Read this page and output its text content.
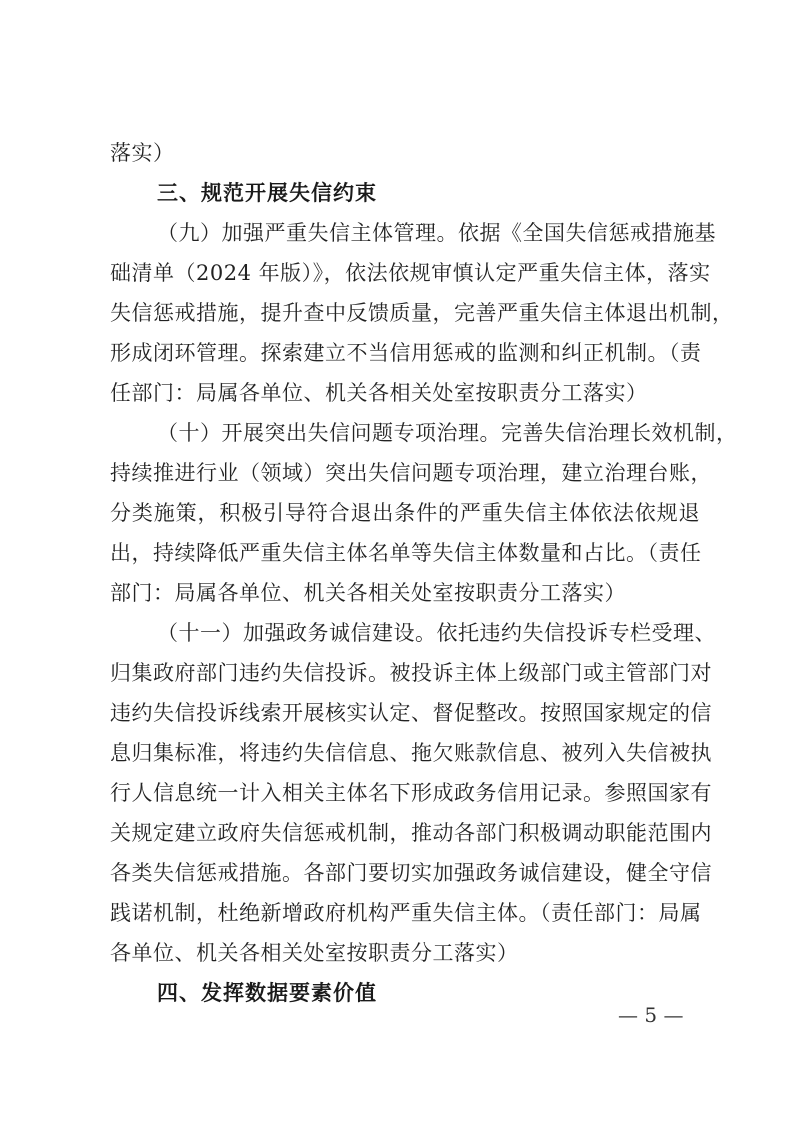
落实）
三、规范开展失信约束
（九）加强严重失信主体管理。依据《全国失信惩戒措施基
础清单（2024 年版）》，依法依规审慎认定严重失信主体，落实
失信惩戒措施，提升查中反馈质量，完善严重失信主体退出机制，
形成闭环管理。探索建立不当信用惩戒的监测和纠正机制。（责
任部门：局属各单位、机关各相关处室按职责分工落实）
（十）开展突出失信问题专项治理。完善失信治理长效机制，
持续推进行业（领域）突出失信问题专项治理，建立治理台账，
分类施策，积极引导符合退出条件的严重失信主体依法依规退
出，持续降低严重失信主体名单等失信主体数量和占比。（责任
部门：局属各单位、机关各相关处室按职责分工落实）
（十一）加强政务诚信建设。依托违约失信投诉专栏受理、
归集政府部门违约失信投诉。被投诉主体上级部门或主管部门对
违约失信投诉线索开展核实认定、督促整改。按照国家规定的信
息归集标准，将违约失信信息、拖欠账款信息、被列入失信被执
行人信息统一计入相关主体名下形成政务信用记录。参照国家有
关规定建立政府失信惩戒机制，推动各部门积极调动职能范围内
各类失信惩戒措施。各部门要切实加强政务诚信建设，健全守信
践诺机制，杜绝新增政府机构严重失信主体。（责任部门：局属
各单位、机关各相关处室按职责分工落实）
四、发挥数据要素价值
— 5 —
